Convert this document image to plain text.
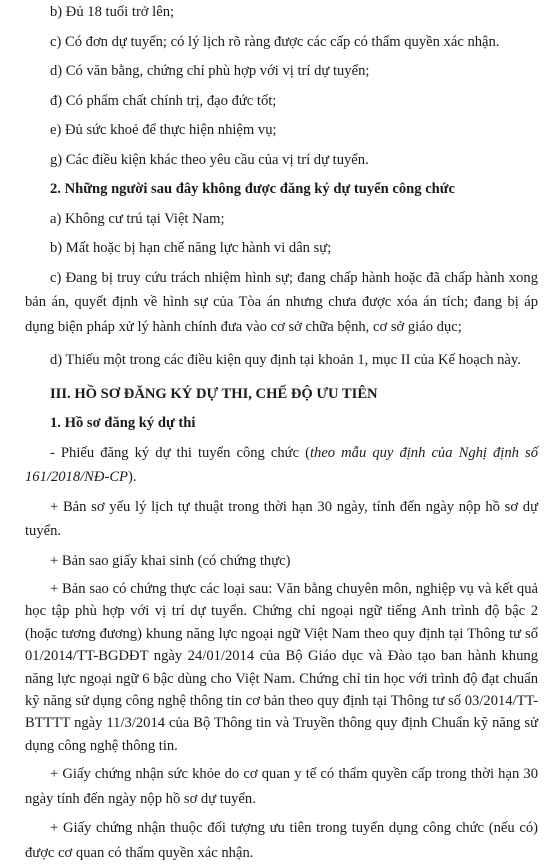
b) Đủ 18 tuổi trở lên;

c) Có đơn dự tuyển; có lý lịch rõ ràng được các cấp có thẩm quyền xác nhận.

d) Có văn bằng, chứng chỉ phù hợp với vị trí dự tuyển;

đ) Có phẩm chất chính trị, đạo đức tốt;

e) Đủ sức khoẻ để thực hiện nhiệm vụ;

g) Các điều kiện khác theo yêu cầu của vị trí dự tuyển.

2. Những người sau đây không được đăng ký dự tuyển công chức

a) Không cư trú tại Việt Nam;

b) Mất hoặc bị hạn chế năng lực hành vi dân sự;

c) Đang bị truy cứu trách nhiệm hình sự; đang chấp hành hoặc đã chấp hành xong bản án, quyết định về hình sự của Tòa án nhưng chưa được xóa án tích; đang bị áp dụng biện pháp xử lý hành chính đưa vào cơ sở chữa bệnh, cơ sở giáo dục;

d) Thiếu một trong các điều kiện quy định tại khoản 1, mục II của Kế hoạch này.

III. HỒ SƠ ĐĂNG KÝ DỰ THI, CHẾ ĐỘ ƯU TIÊN

1. Hồ sơ đăng ký dự thi

- Phiếu đăng ký dự thi tuyển công chức (theo mẫu quy định của Nghị định số 161/2018/NĐ-CP).

+ Bản sơ yếu lý lịch tự thuật trong thời hạn 30 ngày, tính đến ngày nộp hồ sơ dự tuyển.

+ Bản sao giấy khai sinh (có chứng thực)

+ Bản sao có chứng thực các loại sau: Văn bằng chuyên môn, nghiệp vụ và kết quả học tập phù hợp với vị trí dự tuyển. Chứng chỉ ngoại ngữ tiếng Anh trình độ bậc 2 (hoặc tương đương) khung năng lực ngoại ngữ Việt Nam theo quy định tại Thông tư số 01/2014/TT-BGDĐT ngày 24/01/2014 của Bộ Giáo dục và Đào tạo ban hành khung năng lực ngoại ngữ 6 bậc dùng cho Việt Nam. Chứng chỉ tin học với trình độ đạt chuẩn kỹ năng sử dụng công nghệ thông tin cơ bản theo quy định tại Thông tư số 03/2014/TT-BTTTT ngày 11/3/2014 của Bộ Thông tin và Truyền thông quy định Chuẩn kỹ năng sử dụng công nghệ thông tin.

+ Giấy chứng nhận sức khỏe do cơ quan y tế có thẩm quyền cấp trong thời hạn 30 ngày tính đến ngày nộp hồ sơ dự tuyển.

+ Giấy chứng nhận thuộc đối tượng ưu tiên trong tuyển dụng công chức (nếu có) được cơ quan có thẩm quyền xác nhận.
